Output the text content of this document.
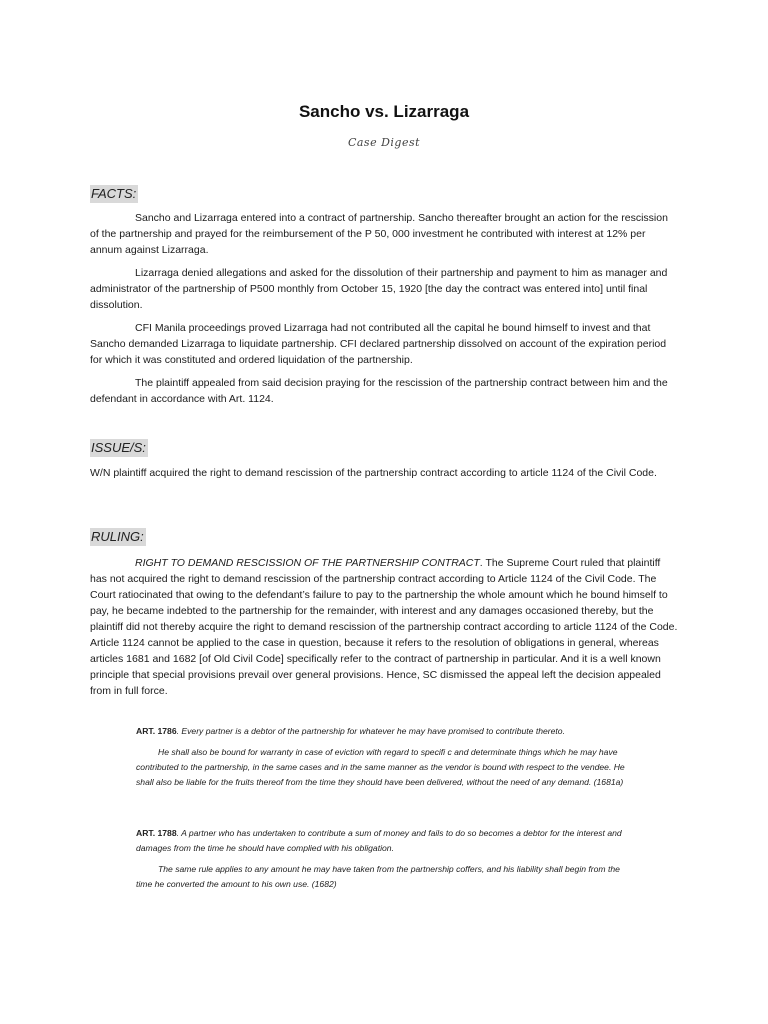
Sancho vs. Lizarraga
Case Digest
FACTS:

Sancho and Lizarraga entered into a contract of partnership. Sancho thereafter brought an action for the rescission of the partnership and prayed for the reimbursement of the P 50, 000 investment he contributed with interest at 12% per annum against Lizarraga.

Lizarraga denied allegations and asked for the dissolution of their partnership and payment to him as manager and administrator of the partnership of P500 monthly from October 15, 1920 [the day the contract was entered into] until final dissolution.

CFI Manila proceedings proved Lizarraga had not contributed all the capital he bound himself to invest and that Sancho demanded Lizarraga to liquidate partnership. CFI declared partnership dissolved on account of the expiration period for which it was constituted and ordered liquidation of the partnership.

The plaintiff appealed from said decision praying for the rescission of the partnership contract between him and the defendant in accordance with Art. 1124.

ISSUE/S:

W/N plaintiff acquired the right to demand rescission of the partnership contract according to article 1124 of the Civil Code.

RULING:

RIGHT TO DEMAND RESCISSION OF THE PARTNERSHIP CONTRACT. The Supreme Court ruled that plaintiff has not acquired the right to demand rescission of the partnership contract according to Article 1124 of the Civil Code. The Court ratiocinated that owing to the defendant’s failure to pay to the partnership the whole amount which he bound himself to pay, he became indebted to the partnership for the remainder, with interest and any damages occasioned thereby, but the plaintiff did not thereby acquire the right to demand rescission of the partnership contract according to article 1124 of the Code. Article 1124 cannot be applied to the case in question, because it refers to the resolution of obligations in general, whereas articles 1681 and 1682 [of Old Civil Code] specifically refer to the contract of partnership in particular. And it is a well known principle that special provisions prevail over general provisions. Hence, SC dismissed the appeal left the decision appealed from in full force.

ART. 1786. Every partner is a debtor of the partnership for whatever he may have promised to contribute thereto.

He shall also be bound for warranty in case of eviction with regard to specifi c and determinate things which he may have contributed to the partnership, in the same cases and in the same manner as the vendor is bound with respect to the vendee. He shall also be liable for the fruits thereof from the time they should have been delivered, without the need of any demand. (1681a)

ART. 1788. A partner who has undertaken to contribute a sum of money and fails to do so becomes a debtor for the interest and damages from the time he should have complied with his obligation.

The same rule applies to any amount he may have taken from the partnership coffers, and his liability shall begin from the time he converted the amount to his own use. (1682)
